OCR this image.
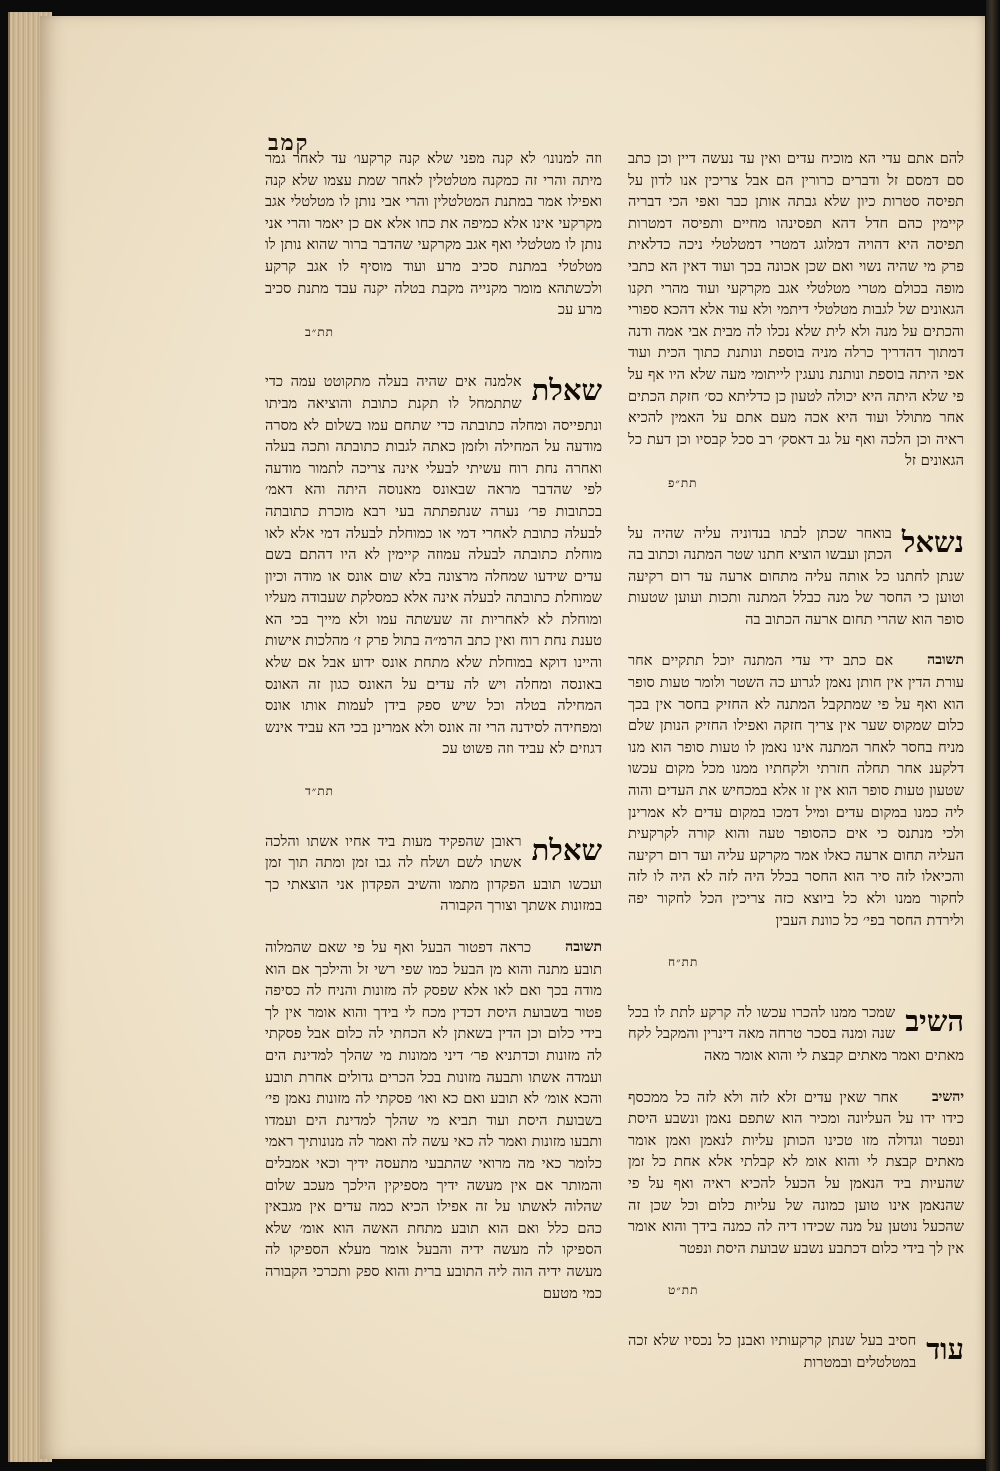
קמב

להם אתם עדי הא מוכיח עדים ואין עד נעשה דיין וכן כתב סם דמסם זל ודברים כרורין הם אבל צריכין אנו לדון על תפיסה סטרות כיון שלא גבתה אותן כבר ואפי הכי דבריה קיימין כהם חדל דהא תפסינהו מחיים ותפיסה דמטרות תפיסה היא דהויה דמלוגג דמטרי דמטלטלי ניכה כדלאית פרק מי שהיה נשוי ואם שכן אכונה בכך ועוד דאין הא כתבי מופה בכולם מטרי מטלטלי אגב מקרקעי ועוד מהרי תקנו הגאונים של לגבות מטלטלי דיתמי ולא עוד אלא דהכא ספורי והכתים על מנה ולא לית שלא נכלו לה מבית אבי אמה ודנה דמתוך דהדריך כרלה מניה בוספת ונותנת כתוך הכית ועוד אפי היתה בוספת ונותנת נועגין לייתומי מעה שלא היו אף על פי שלא היתה היא יכולה לטעון כן כדליתא כס׳ חזקת הכתים אחר מתולל ועוד היא אכה מעם אתם על האמין להכיא ראיה וכן הלכה ואף על גב דאסק׳ רב סכל קבסיו וכן דעת כל הגאונים זל

תת״פ

נשאל
בואחר שכתן לבתו בנדוניה עליה שהיה על הכתן ועבשו הוציא חתנו שטר המתנה וכתוב בה שנתן לחתנו כל אותה עליה מתחום ארעה עד רום רקיעה וטוען כי החסר של מנה כבלל המתנה ותכות ועוען שטעות סופר הוא שהרי תחום ארעה הכתוב בה

תשובה
אם כתב ידי עדי המתנה יוכל תתקיים אחר עורת הדין אין חותן נאמן לגרוע כה השטר ולומר טעות סופר הוא ואף על פי שמתקבל המתנה לא החזיק בחסר אין בכך כלום שמקוס שער אין צריך חזקה ואפילו החזיק הנותן שלם מניח בחסר לאחר המתנה אינו נאמן לו טעות סופר הוא מנו דלקענ אחר תחלה חזרתי ולקחתיו ממנו מכל מקום עכשו שטעון טעות סופר הוא אין זו אלא במכחיש את העדים והוה ליה כמנו במקום עדים ומיל דמכו במקום עדים לא אמרינן ולכי מנתנס כי אים כהסופר טעה והוא קורה לקרקעית העליה תחום ארעה כאלו אמר מקרקע עליה ועד רום רקיעה והכיאלו לזה סיר הוא החסר בכלל היה לזה לא היה לו לזה לחקור ממנו ולא כל ביוצא כזה צריכין הכל לחקור יפה ולירדת החסר בפי׳ כל כוונת העבין

תת״ח

השיב
שמכר ממנו להכרו עכשו לה קרקע לתת לו בכל שנה ומנה בסכר טרחה מאה דינרין והמקבל לקח מאתים ואמר מאתים קבצת לי והוא אומר מאה

יהשיב
אחר שאין עדים זלא לזה ולא לזה כל ממכסף כידו ידו על העליונה ומכיר הוא שתפם נאמן ונשבע היסת ונפטר וגדולה מזו טכינו הכותן עליות לנאמן ואמן אומר מאתים קבצת לי והוא אומ לא קבלתי אלא אחת כל זמן שהעיות ביד הנאמן על הכעל להכיא ראיה ואף על פי שהנאמן אינו טוען כמונה של עליות כלום וכל שכן זה שהכעל נוטען על מנה שכידו דיה לה כמנה בידך והוא אומר אין לך בידי כלום דכתבע נשבע שבועת היסת ונפטר

תת״ט

עוד
חסיב בעל שנתן קרקעותיו ואבנן כל נכסיו שלא זכה במטלטלים ובמטרות

וזה למנונו׳ לא קנה מפני שלא קנה קרקעו׳ עד לאחר גמר מיתה והרי זה כמקנה מטלטלין לאחר שמת עצמו שלא קנה ואפילו אמר במתנת המטלטלין והרי אבי נותן לו מטלטלי אגב מקרקעי אינו אלא כמיפה את כחו אלא אם כן יאמר והרי אני נותן לו מטלטלי ואף אגב מקרקעי שהדבר ברור שהוא נותן לו מטלטלי במתנת סכיב מרע ועוד מוסיף לו אגב קרקע ולכשתהא מומר מקנייה מקבת בטלה יקנה עבד מתנת סכיב מרע עכ

תת״ב

שאלת
אלמנה אים שהיה בעלה מתקוטט עמה כדי שתתמחל לו תקנת כתובת והוציאה מביתו ונתפייסה ומחלה כתובתה כדי שתחם עמו בשלום לא מסרה מודעה על המחילה ולזמן כאתה לגבות כתובתה ותכה בעלה ואחרה נחת רוח עשיתי לבעלי אינה צריכה לתמור מודעה לפי שהדבר מראה שבאונס מאנוסה היתה והא דאמ׳ בכתובות פר׳ נערה שנתפתתה בעי רבא מוכרת כתובתה לבעלה כתובת לאחרי דמי או כמוחלת לבעלה דמי אלא לאו מוחלת כתובתה לבעלה עמוזה קיימין לא היו דהתם בשם עדים שידעו שמחלה מרצונה בלא שום אונס או מודה וכיון שמוחלת כתובתה לבעלה אינה אלא כמסלקת שעבודה מעליו ומוחלת לא לאחריות זה שעשתה עמו ולא מייך בכי הא טענת נחת רוח ואין כתב הרמ״ה בתול פרק ז׳ מהלכות אישות והיינו דוקא במוחלת שלא מתחת אונס ידוע אבל אם שלא באונסה ומחלה ויש לה עדים על האונס כגון זה האונס המחילה בטלה וכל שיש ספק בידן לעמות אותו אונס ומפחידה לסידנה הרי זה אונס ולא אמרינן בכי הא עביד אינש דגוזים לא עביד וזה פשוט עכ

תת״ד

שאלת
ראובן שהפקיד מעות ביד אחיו אשתו והלכה אשתו לשם ושלח לה גבו זמן ומתה תוך זמן ועכשו תובע הפקדון מתמו והשיב הפקדון אני הוצאתי כך במזונות אשתך וצורך הקבורה

תשובה
כראה דפטור הבעל ואף על פי שאם שהמלוה תובע מתנה והוא מן הבעל כמו שפי רשי זל והילכך אם הוא מודה בכך ואם לאו אלא שפסק לה מזונות והניח לה כסיפה פטור בשבועת היסת דכדין מכח לי בידך והוא אומר אין לך בידי כלום וכן הדין בשאתן לא הכחתי לה כלום אבל פסקתי לה מזונות וכדתניא פר׳ דיני ממונות מי שהלך למדינת הים ועמדה אשתו ותבעה מזונות בכל הכרים גדולים אחרת תובע והכא אומ׳ לא תובע ואם כא ואו׳ פסקתי לה מזונות נאמן פי׳ בשבועת היסת ועוד תביא מי שהלך למדינת הים ועמדו ותבעו מזונות ואמר לה כאי עשה לה ואמר לה מנונותיך ראמי כלומר כאי מה מרואי שהתבעי מתעסה ידיך וכאי אמבלים והמותר אם אין מעשה ידיך מספיקין הילכך מעכב שלום שהלוה לאשתו על זה אפילו הכיא כמה עדים אין מגבאין כהם כלל ואם הוא תובע מתחת האשה הוא אומ׳ שלא הספיקו לה מעשה ידיה והבעל אומר מעלא הספיקו לה מעשה ידיה הוה ליה התובע ברית והוא ספק ותכרכי הקבורה כמי מטעם
